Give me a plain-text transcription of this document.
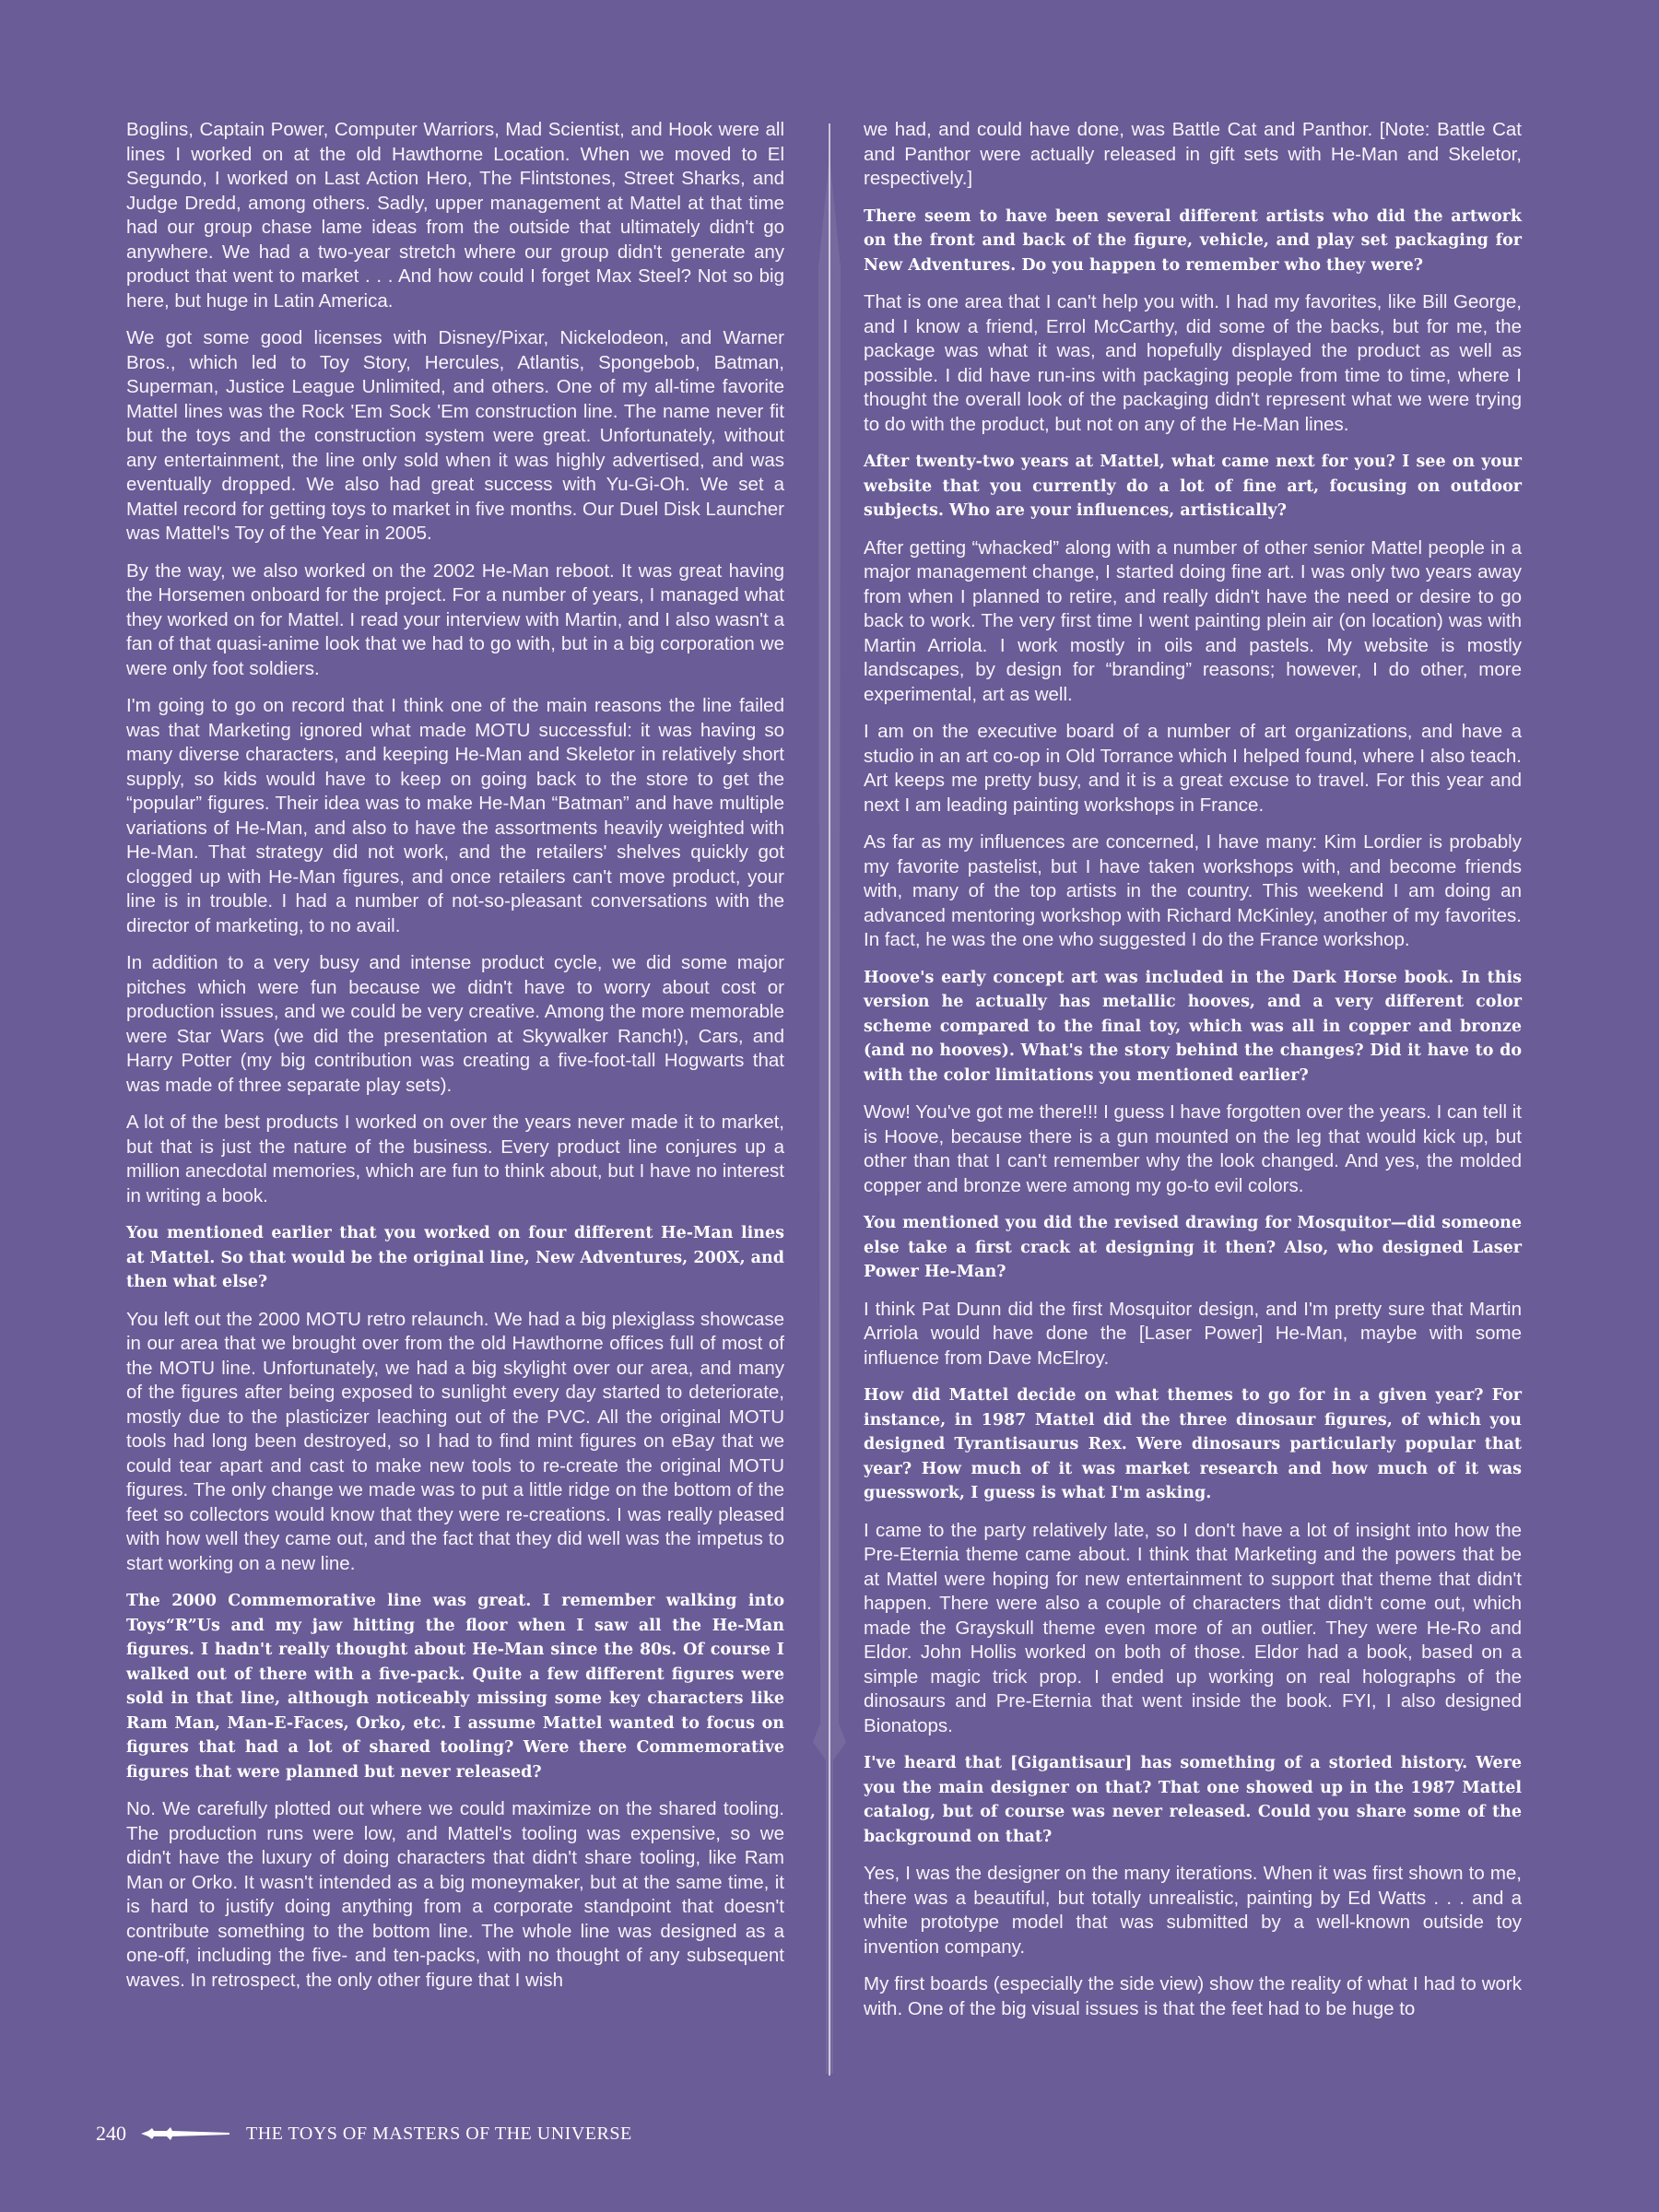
Boglins, Captain Power, Computer Warriors, Mad Scientist, and Hook were all lines I worked on at the old Hawthorne Location. When we moved to El Segundo, I worked on Last Action Hero, The Flintstones, Street Sharks, and Judge Dredd, among others. Sadly, upper management at Mattel at that time had our group chase lame ideas from the outside that ultimately didn't go anywhere. We had a two-year stretch where our group didn't generate any product that went to market . . . And how could I forget Max Steel? Not so big here, but huge in Latin America.

We got some good licenses with Disney/Pixar, Nickelodeon, and Warner Bros., which led to Toy Story, Hercules, Atlantis, Spongebob, Batman, Superman, Justice League Unlimited, and others. One of my all-time favorite Mattel lines was the Rock 'Em Sock 'Em construction line. The name never fit but the toys and the construction system were great. Unfortunately, without any entertainment, the line only sold when it was highly advertised, and was eventually dropped. We also had great success with Yu-Gi-Oh. We set a Mattel record for getting toys to market in five months. Our Duel Disk Launcher was Mattel's Toy of the Year in 2005.

By the way, we also worked on the 2002 He-Man reboot. It was great having the Horsemen onboard for the project. For a number of years, I managed what they worked on for Mattel. I read your interview with Martin, and I also wasn't a fan of that quasi-anime look that we had to go with, but in a big corporation we were only foot soldiers.

I'm going to go on record that I think one of the main reasons the line failed was that Marketing ignored what made MOTU successful: it was having so many diverse characters, and keeping He-Man and Skeletor in relatively short supply, so kids would have to keep on going back to the store to get the “popular” figures. Their idea was to make He-Man “Batman” and have multiple variations of He-Man, and also to have the assortments heavily weighted with He-Man. That strategy did not work, and the retailers' shelves quickly got clogged up with He-Man figures, and once retailers can't move product, your line is in trouble. I had a number of not-so-pleasant conversations with the director of marketing, to no avail.

In addition to a very busy and intense product cycle, we did some major pitches which were fun because we didn't have to worry about cost or production issues, and we could be very creative. Among the more memorable were Star Wars (we did the presentation at Skywalker Ranch!), Cars, and Harry Potter (my big contribution was creating a five-foot-tall Hogwarts that was made of three separate play sets).

A lot of the best products I worked on over the years never made it to market, but that is just the nature of the business. Every product line conjures up a million anecdotal memories, which are fun to think about, but I have no interest in writing a book.

You mentioned earlier that you worked on four different He-Man lines at Mattel. So that would be the original line, New Adventures, 200X, and then what else?

You left out the 2000 MOTU retro relaunch. We had a big plexiglass showcase in our area that we brought over from the old Hawthorne offices full of most of the MOTU line. Unfortunately, we had a big skylight over our area, and many of the figures after being exposed to sunlight every day started to deteriorate, mostly due to the plasticizer leaching out of the PVC. All the original MOTU tools had long been destroyed, so I had to find mint figures on eBay that we could tear apart and cast to make new tools to re-create the original MOTU figures. The only change we made was to put a little ridge on the bottom of the feet so collectors would know that they were re-creations. I was really pleased with how well they came out, and the fact that they did well was the impetus to start working on a new line.

The 2000 Commemorative line was great. I remember walking into Toys“R”Us and my jaw hitting the floor when I saw all the He-Man figures. I hadn't really thought about He-Man since the 80s. Of course I walked out of there with a five-pack. Quite a few different figures were sold in that line, although noticeably missing some key characters like Ram Man, Man-E-Faces, Orko, etc. I assume Mattel wanted to focus on figures that had a lot of shared tooling? Were there Commemorative figures that were planned but never released?

No. We carefully plotted out where we could maximize on the shared tooling. The production runs were low, and Mattel's tooling was expensive, so we didn't have the luxury of doing characters that didn't share tooling, like Ram Man or Orko. It wasn't intended as a big moneymaker, but at the same time, it is hard to justify doing anything from a corporate standpoint that doesn't contribute something to the bottom line. The whole line was designed as a one-off, including the five- and ten-packs, with no thought of any subsequent waves. In retrospect, the only other figure that I wish

we had, and could have done, was Battle Cat and Panthor. [Note: Battle Cat and Panthor were actually released in gift sets with He-Man and Skeletor, respectively.]

There seem to have been several different artists who did the artwork on the front and back of the figure, vehicle, and play set packaging for New Adventures. Do you happen to remember who they were?

That is one area that I can't help you with. I had my favorites, like Bill George, and I know a friend, Errol McCarthy, did some of the backs, but for me, the package was what it was, and hopefully displayed the product as well as possible. I did have run-ins with packaging people from time to time, where I thought the overall look of the packaging didn't represent what we were trying to do with the product, but not on any of the He-Man lines.

After twenty-two years at Mattel, what came next for you? I see on your website that you currently do a lot of fine art, focusing on outdoor subjects. Who are your influences, artistically?

After getting “whacked” along with a number of other senior Mattel people in a major management change, I started doing fine art. I was only two years away from when I planned to retire, and really didn't have the need or desire to go back to work. The very first time I went painting plein air (on location) was with Martin Arriola. I work mostly in oils and pastels. My website is mostly landscapes, by design for “branding” reasons; however, I do other, more experimental, art as well.

I am on the executive board of a number of art organizations, and have a studio in an art co-op in Old Torrance which I helped found, where I also teach. Art keeps me pretty busy, and it is a great excuse to travel. For this year and next I am leading painting workshops in France.

As far as my influences are concerned, I have many: Kim Lordier is probably my favorite pastelist, but I have taken workshops with, and become friends with, many of the top artists in the country. This weekend I am doing an advanced mentoring workshop with Richard McKinley, another of my favorites. In fact, he was the one who suggested I do the France workshop.

Hoove's early concept art was included in the Dark Horse book. In this version he actually has metallic hooves, and a very different color scheme compared to the final toy, which was all in copper and bronze (and no hooves). What's the story behind the changes? Did it have to do with the color limitations you mentioned earlier?

Wow! You've got me there!!! I guess I have forgotten over the years. I can tell it is Hoove, because there is a gun mounted on the leg that would kick up, but other than that I can't remember why the look changed. And yes, the molded copper and bronze were among my go-to evil colors.

You mentioned you did the revised drawing for Mosquitor—did someone else take a first crack at designing it then? Also, who designed Laser Power He-Man?

I think Pat Dunn did the first Mosquitor design, and I'm pretty sure that Martin Arriola would have done the [Laser Power] He-Man, maybe with some influence from Dave McElroy.

How did Mattel decide on what themes to go for in a given year? For instance, in 1987 Mattel did the three dinosaur figures, of which you designed Tyrantisaurus Rex. Were dinosaurs particularly popular that year? How much of it was market research and how much of it was guesswork, I guess is what I'm asking.

I came to the party relatively late, so I don't have a lot of insight into how the Pre-Eternia theme came about. I think that Marketing and the powers that be at Mattel were hoping for new entertainment to support that theme that didn't happen. There were also a couple of characters that didn't come out, which made the Grayskull theme even more of an outlier. They were He-Ro and Eldor. John Hollis worked on both of those. Eldor had a book, based on a simple magic trick prop. I ended up working on real holographs of the dinosaurs and Pre-Eternia that went inside the book. FYI, I also designed Bionatops.

I've heard that [Gigantisaur] has something of a storied history. Were you the main designer on that? That one showed up in the 1987 Mattel catalog, but of course was never released. Could you share some of the background on that?

Yes, I was the designer on the many iterations. When it was first shown to me, there was a beautiful, but totally unrealistic, painting by Ed Watts . . . and a white prototype model that was submitted by a well-known outside toy invention company.

My first boards (especially the side view) show the reality of what I had to work with. One of the big visual issues is that the feet had to be huge to

240	THE TOYS OF MASTERS OF THE UNIVERSE
